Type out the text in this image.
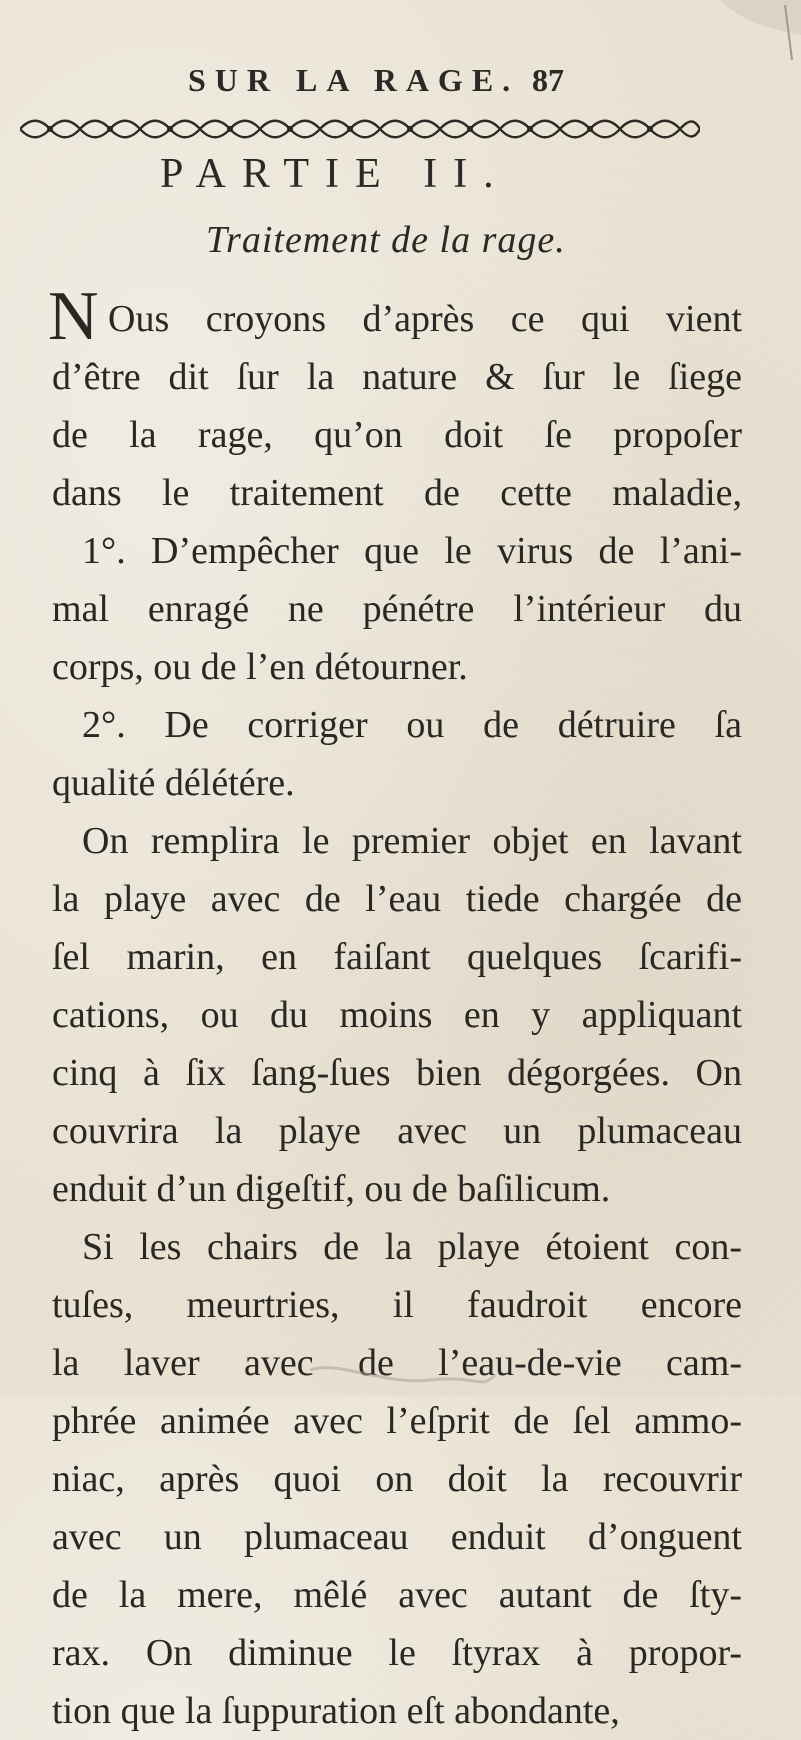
SUR LA RAGE. 87
PARTIE II.
Traitement de la rage.
N Ous croyons d’après ce qui vient
d’être dit ſur la nature & ſur le ſiege
de la rage, qu’on doit ſe propoſer
dans le traitement de cette maladie,
1°. D’empêcher que le virus de l’ani-
mal enragé ne pénétre l’intérieur du
corps, ou de l’en détourner.
2°. De corriger ou de détruire ſa
qualité délétére.
On remplira le premier objet en lavant
la playe avec de l’eau tiede chargée de
ſel marin, en faiſant quelques ſcarifi-
cations, ou du moins en y appliquant
cinq à ſix ſang-ſues bien dégorgées. On
couvrira la playe avec un plumaceau
enduit d’un digeſtif, ou de baſilicum.
Si les chairs de la playe étoient con-
tuſes, meurtries, il faudroit encore
la laver avec de l’eau-de-vie cam-
phrée animée avec l’eſprit de ſel ammo-
niac, après quoi on doit la recouvrir
avec un plumaceau enduit d’onguent
de la mere, mêlé avec autant de ſty-
rax. On diminue le ſtyrax à propor-
tion que la ſuppuration eſt abondante,
